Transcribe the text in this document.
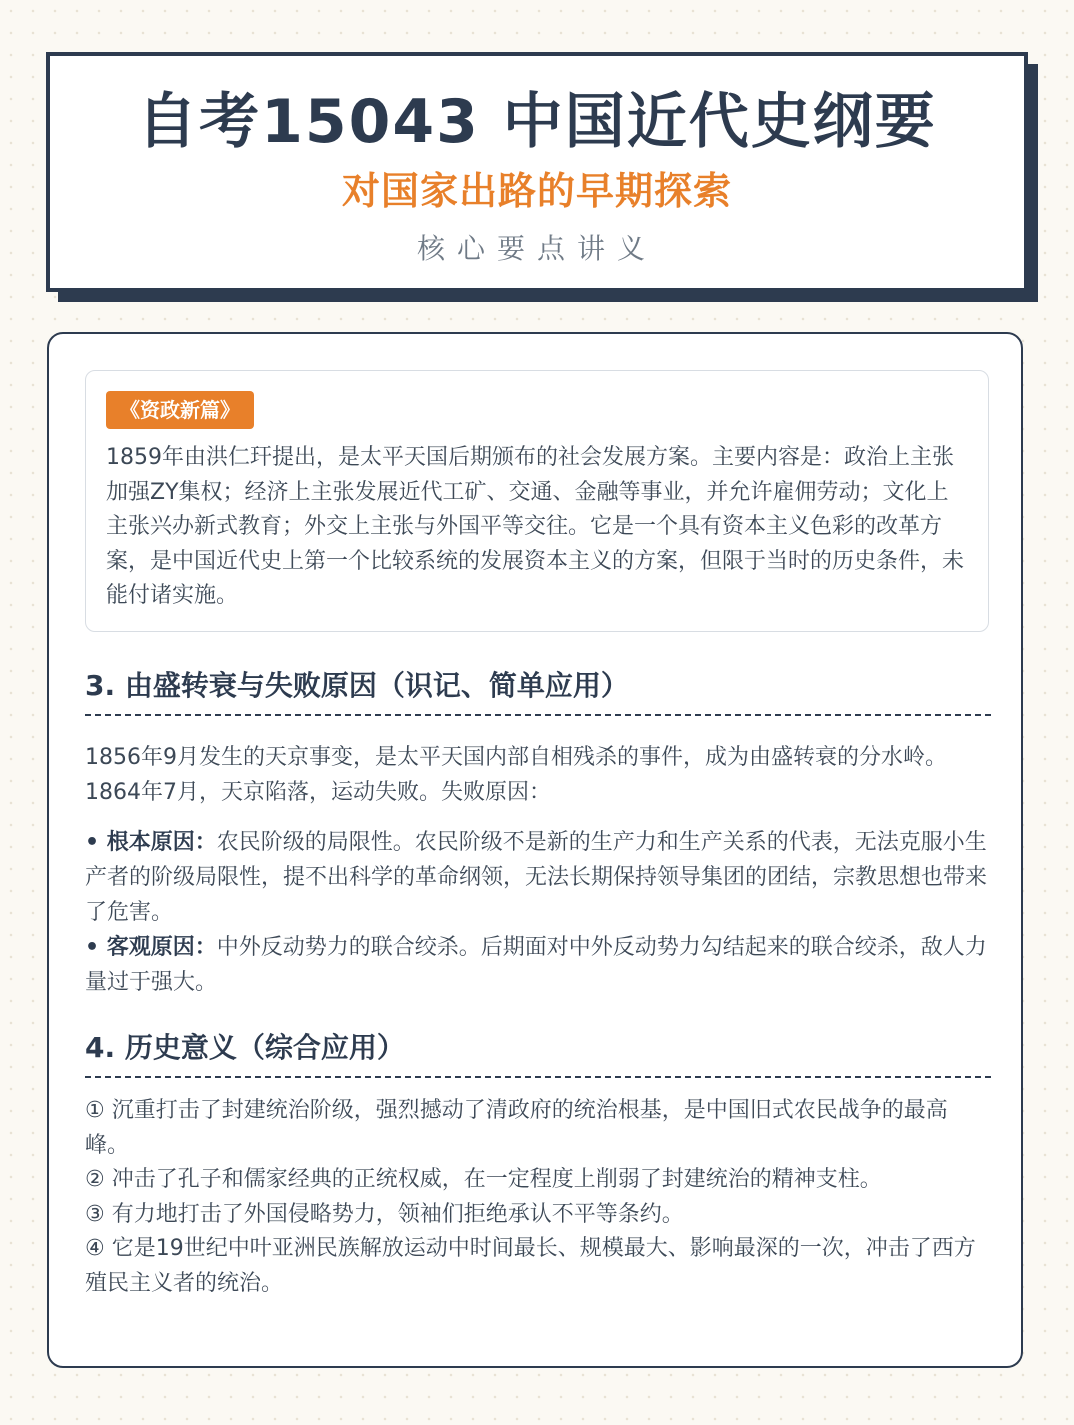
自考15043 中国近代史纲要
对国家出路的早期探索
核心要点讲义
《资政新篇》

1859年由洪仁玕提出，是太平天国后期颁布的社会发展方案。主要内容是：政治上主张加强ZY集权；经济上主张发展近代工矿、交通、金融等事业，并允许雇佣劳动；文化上主张兴办新式教育；外交上主张与外国平等交往。它是一个具有资本主义色彩的改革方案，是中国近代史上第一个比较系统的发展资本主义的方案，但限于当时的历史条件，未能付诸实施。

3. 由盛转衰与失败原因（识记、简单应用）

1856年9月发生的天京事变，是太平天国内部自相残杀的事件，成为由盛转衰的分水岭。1864年7月，天京陷落，运动失败。失败原因：

• 根本原因：农民阶级的局限性。农民阶级不是新的生产力和生产关系的代表，无法克服小生产者的阶级局限性，提不出科学的革命纲领，无法长期保持领导集团的团结，宗教思想也带来了危害。

• 客观原因：中外反动势力的联合绞杀。后期面对中外反动势力勾结起来的联合绞杀，敌人力量过于强大。

4. 历史意义（综合应用）
① 沉重打击了封建统治阶级，强烈撼动了清政府的统治根基，是中国旧式农民战争的最高峰。
② 冲击了孔子和儒家经典的正统权威，在一定程度上削弱了封建统治的精神支柱。
③ 有力地打击了外国侵略势力，领袖们拒绝承认不平等条约。
④ 它是19世纪中叶亚洲民族解放运动中时间最长、规模最大、影响最深的一次，冲击了西方殖民主义者的统治。
